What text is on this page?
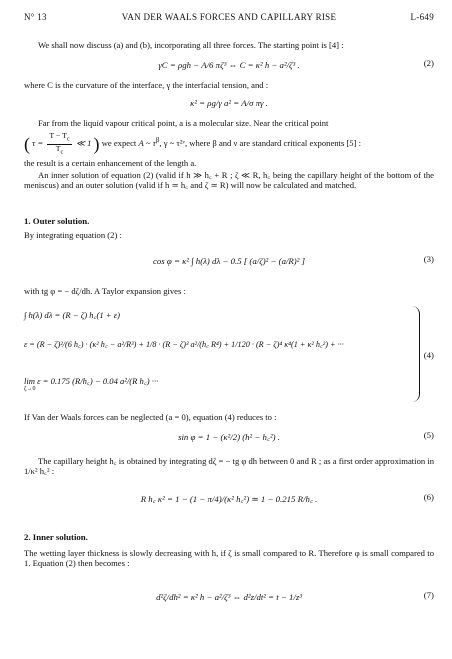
N° 13	VAN DER WAALS FORCES AND CAPILLARY RISE	L-649
We shall now discuss (a) and (b), incorporating all three forces. The starting point is [4] :
γC = ρgh − A/6 πζ³ ⇔ C = κ² h − a²/ζ³ .	(2)
where C is the curvature of the interface, γ the interfacial tension, and :
κ² = ρg/γ a² = A/σ πγ .
Far from the liquid vapour critical point, a is a molecular size. Near the critical point
( $\tau = \frac{T - T_c}{T_c}$ ≪ 1 ) we expect A ~ $\tau^\beta$, γ ~ τ²ᵛ, where β and ν are standard critical exponents [5] :
the result is a certain enhancement of the length a.
An inner solution of equation (2) (valid if h ≫ h꜀ + R ; ζ ≪ R, h꜀ being the capillary height of the bottom of the meniscus) and an outer solution (valid if h ≃ h꜀ and ζ ≃ R) will now be calculated and matched.
1. Outer solution.
By integrating equation (2) :
cos φ = κ² ∫ h(λ) dλ − 0.5 [ (a/ζ)² − (a/R)² ]	(3)
with tg φ = − dζ/dh. A Taylor expansion gives :
∫ h(λ) dλ = (R − ζ) h꜀(1 + ε)
ε = (R − ζ)²/(6 h꜀) · (κ² h꜀ − a²/R³) + 1/8 · (R − ζ)³ a²/(h꜀ R⁴) + 1/120 · (R − ζ)⁴ κ⁴(1 + κ² h꜀²) + ···
lim ε = 0.175 (R/h꜀) − 0.04 a²/(R h꜀) ···
ζ→0
(4)
If Van der Waals forces can be neglected (a = 0), equation (4) reduces to :
sin φ = 1 − (κ²/2) (h² − h꜀²) .	(5)
The capillary height h꜀ is obtained by integrating dζ = − tg φ dh between 0 and R ; as a first order approximation in 1/κ² h꜀² :
R h꜀ κ² = 1 − (1 − π/4)/(κ² h꜀²) ≃ 1 − 0.215 R/h꜀ .	(6)
2. Inner solution.
The wetting layer thickness is slowly decreasing with h, if ζ is small compared to R. Therefore φ is small compared to 1. Equation (2) then becomes :
d²ζ/dh² = κ² h − a²/ζ³ ⇔ d²z/dt² = t − 1/z³	(7)
